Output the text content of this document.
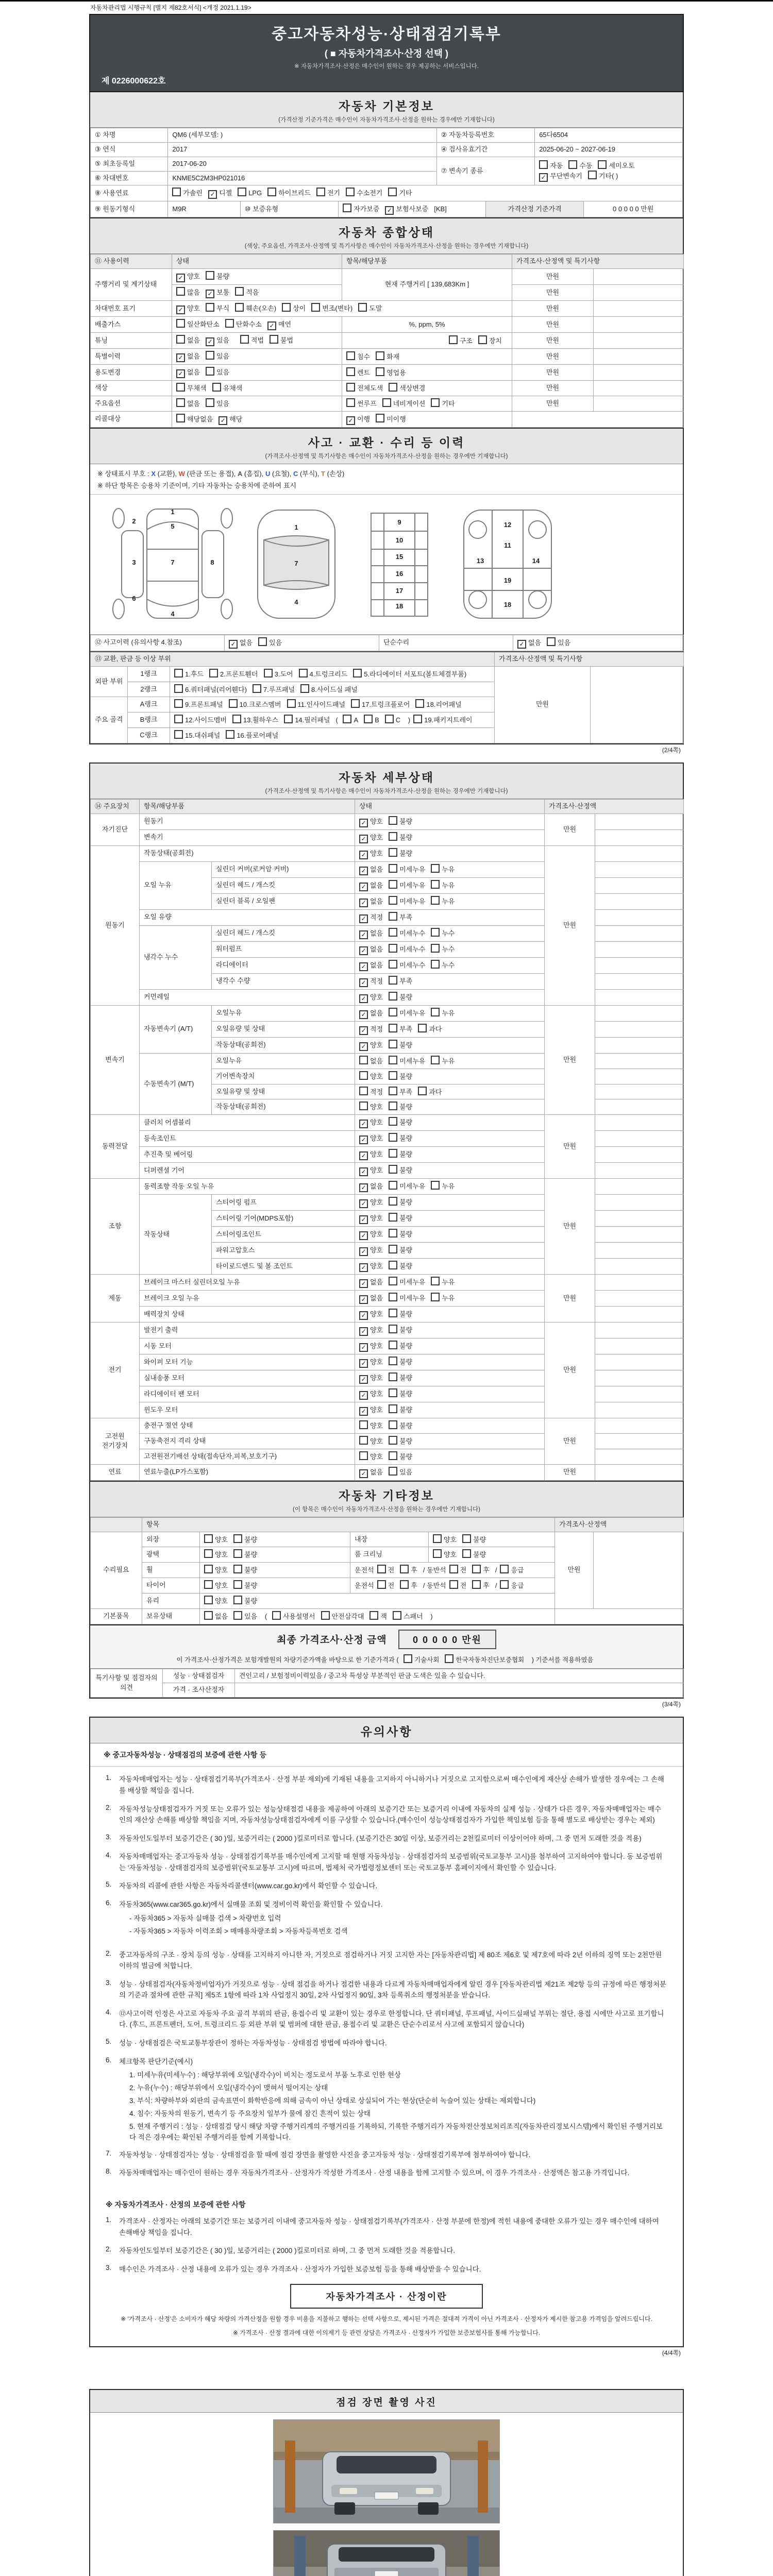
자동차관리법 시행규칙 [별지 제82호서식] <개정 2021.1.19>
중고자동차성능·상태점검기록부
( ■ 자동차가격조사·산정 선택 )
※ 자동차가격조사·산정은 매수인이 원하는 경우 제공하는 서비스입니다.
제 0226000622호
자동차 기본정보
(가격산정 기준가격은 매수인이 자동차가격조사·산정을 원하는 경우에만 기재합니다)
① 차명	QM6 (세부모델: )			② 자동차등록번호		65다6504	
③ 연식	2017			④ 검사유효기간		2025-06-20 ~ 2027-06-19	
⑤ 최초등록일	2017-06-20			⑦ 변속기 종류		자동 수동 세미오토✓ 무단변속기 기타( )	
⑥ 차대번호	KNME5C2M3HP021016						
⑧ 사용연료	가솔린 ✓ 디젤 LPG 하이브리드 전기 수소전기 기타						
⑨ 원동기형식	M9R	⑩ 보증유형	자가보증 ✓ 보험사보증 [KB]		가격산정 기준가격		0 0 0 0 0 만원
자동차 종합상태
(색상, 주요옵션, 가격조사·산정액 및 특기사항은 매수인이 자동차가격조사·산정을 원하는 경우에만 기재합니다)
⑪ 사용이력	상태	항목/해당부품	가격조사·산정액 및 특기사항	
주행거리 및 계기상태	✓ 양호 불량	현재 주행거리 [ 139,683Km ]	만원	
	많음 ✓ 보통 적음		만원	
차대번호 표기	✓ 양호 부식 훼손(오손) 상이 변조(변타) 도말		만원	
배출가스	일산화탄소 탄화수소 ✓ 매연	%, ppm, 5%	만원	
튜닝	없음 ✓ 있음 적법 불법	구조 장치	만원	
특별이력	✓ 없음 있음	침수 화재	만원	
용도변경	✓ 없음 있음	렌트 영업용	만원	
색상	무채색 유채색	전체도색 색상변경	만원	
주요옵션	없음 있음	썬루프 네비게이션 기타	만원	
리콜대상	해당없음 ✓ 해당	✓ 이행 미이행		
사고 · 교환 · 수리 등 이력
(가격조사·산정액 및 특기사항은 매수인이 자동차가격조사·산정을 원하는 경우에만 기재합니다)
※ 상태표시 부호 : X (교환), W (판금 또는 용접), A (흠집), U (요철), C (부식), T (손상)
※ 하단 항목은 승용차 기준이며, 기타 자동차는 승용차에 준하여 표시
1
5
2
3	7	8
6
4
1
7
4
9
10
15
16
17
18
12
13
11
14
19
18
⑫ 사고이력 (유의사항 4.참조)	✓ 없음 있음	단순수리	✓ 없음 있음
⑬ 교환, 판금 등 이상 부위			가격조사·산정액 및 특기사항	
외판 부위	1랭크	1.후드 2.프론트휀더 3.도어 4.트렁크리드 5.라디에이터 서포트(볼트체결부품)	만원	
	2랭크	6.쿼터패널(리어휀다) 7.루프패널 8.사이드실 패널		
주요 골격	A랭크	9.프론트패널 10.크로스멤버 11.인사이드패널 17.트렁크플로어 18.리어패널		
	B랭크	12.사이드멤버 13.휠하우스 14.필러패널 ( A B C ) 19.패키지트레이		
	C랭크	15.대쉬패널 16.플로어패널		
(2/4쪽)
자동차 세부상태
(가격조사·산정액 및 특기사항은 매수인이 자동차가격조사·산정을 원하는 경우에만 기재합니다)
⑭ 주요장치	항목/해당부품		상태	가격조사·산정액	
자기진단	원동기		✓ 양호 불량	만원	
	변속기		✓ 양호 불량		
원동기	작동상태(공회전)		✓ 양호 불량	만원	
	오일 누유	실린더 커버(로커암 커버)	✓ 없음 미세누유 누유		
		실린더 헤드 / 개스킷	✓ 없음 미세누유 누유		
		실린더 블록 / 오일팬	✓ 없음 미세누유 누유		
	오일 유량		✓ 적정 부족		
	냉각수 누수	실린더 헤드 / 개스킷	✓ 없음 미세누수 누수		
		워터펌프	✓ 없음 미세누수 누수		
		라디에이터	✓ 없음 미세누수 누수		
		냉각수 수량	✓ 적정 부족		
	커먼레일		✓ 양호 불량		
변속기	자동변속기 (A/T)	오일누유	✓ 없음 미세누유 누유	만원	
		오일유량 및 상태	✓ 적정 부족 과다		
		작동상태(공회전)	✓ 양호 불량		
	수동변속기 (M/T)	오일누유	없음 미세누유 누유		
		기어변속장치	양호 불량		
		오일유량 및 상태	적정 부족 과다		
		작동상태(공회전)	양호 불량		
동력전달	클러치 어셈블리		✓ 양호 불량	만원	
	등속조인트		✓ 양호 불량		
	추진축 및 베어링		✓ 양호 불량		
	디퍼렌셜 기어		✓ 양호 불량		
조향	동력조향 작동 오일 누유		✓ 없음 미세누유 누유	만원	
	작동상태	스티어링 펌프	✓ 양호 불량		
		스티어링 기어(MDPS포함)	✓ 양호 불량		
		스티어링조인트	✓ 양호 불량		
		파워고압호스	✓ 양호 불량		
		타이로드엔드 및 볼 조인트	✓ 양호 불량		
제동	브레이크 마스터 실린더오일 누유		✓ 없음 미세누유 누유	만원	
	브레이크 오일 누유		✓ 없음 미세누유 누유		
	배력장치 상태		✓ 양호 불량		
전기	발전기 출력		✓ 양호 불량	만원	
	시동 모터		✓ 양호 불량		
	와이퍼 모터 기능		✓ 양호 불량		
	실내송풍 모터		✓ 양호 불량		
	라디에이터 팬 모터		✓ 양호 불량		
	윈도우 모터		✓ 양호 불량		
고전원 전기장치	충전구 절연 상태		양호 불량	만원	
	구동축전지 격리 상태		양호 불량		
	고전원전기배선 상태(접속단자,피복,보호기구)		양호 불량		
연료	연료누출(LP가스포함)		✓ 없음 있음	만원	
자동차 기타정보
(이 항목은 매수인이 자동차가격조사·산정을 원하는 경우에만 기재합니다)
	항목				가격조사·산정액	
수리필요	외장	양호 불량	내장	양호 불량	만원	
	광택	양호 불량	룸 크리닝	양호 불량		
	휠	양호 불량	운전석 전 후 / 동반석 전 후 / 응급			
	타이어	양호 불량	운전석 전 후 / 동반석 전 후 / 응급			
	유리	양호 불량				
기본품목	보유상태	없음 있음 ( 사용설명서 안전삼각대 잭 스패너 )				
최종 가격조사·산정 금액	0 0 0 0 0 만원
이 가격조사·산정가격은 보험개발원의 차량기준가액을 바탕으로 한 기준가격과 ( 기술사회	한국자동차진단보증협회 ) 기준서를 적용하였음
특기사항 및 점검자의 의견	성능 · 상태점검자	견인고리 / 보험정비이력있음 / 중고차 특성상 부분적인 판금 도색은 있을 수 있습니다.
	가격 · 조사산정자	
(3/4쪽)
유의사항
※ 중고자동차성능 · 상태점검의 보증에 관한 사항 등
1.	자동차매매업자는 성능 · 상태점검기록부(가격조사 · 산정 부분 제외)에 기재된 내용을 고지하지 아니하거나 거짓으로 고지함으로써 매수인에게 재산상 손해가 발생한 경우에는 그 손해를 배상할 책임을 집니다.
2.	자동차성능상태점검자가 거짓 또는 오류가 있는 성능상태점검 내용을 제공하여 아래의 보증기간 또는 보증거리 이내에 자동차의 실제 성능 · 상태가 다른 경우, 자동차매매업자는 매수인의 재산상 손해를 배상할 책임을 지며, 자동차성능상태점검자에게 이를 구상할 수 있습니다.(매수인이 성능상태점검자가 가입한 책임보험 등을 통해 별도로 배상받는 경우는 제외)
3.	자동차인도일부터 보증기간은 ( 30 )일, 보증거리는 ( 2000 )킬로미터로 합니다. (보증기간은 30일 이상, 보증거리는 2천킬로미터 이상이어야 하며, 그 중 먼저 도래한 것을 적용)
4.	자동차매매업자는 중고자동차 성능 · 상태점검기록부를 매수인에게 고지할 때 현행 자동차성능 · 상태점검자의 보증범위(국토교통부 고시)를 첨부하여 고지하여야 합니다. 동 보증범위는 '자동차성능 · 상태점검자의 보증범위'(국토교통부 고시)에 따르며, 법제처 국가법령정보센터 또는 국토교통부 홈페이지에서 확인할 수 있습니다.
5.	자동차의 리콜에 관한 사항은 자동차리콜센터(www.car.go.kr)에서 확인할 수 있습니다.
6.	자동차365(www.car365.go.kr)에서 실매물 조회 및 정비이력 확인을 확인할 수 있습니다.
- 자동차365 > 자동차 실매물 검색 > 차량번호 입력
- 자동차365 > 자동차 이력조회 > 매매용차량조회 > 자동차등록번호 검색
2.	중고자동차의 구조 · 장치 등의 성능 · 상태를 고지하지 아니한 자, 거짓으로 점검하거나 거짓 고지한 자는 [자동차관리법] 제 80조 제6호 및 제7호에 따라 2년 이하의 징역 또는 2천만원 이하의 벌금에 처합니다.
3.	성능 · 상태점검자(자동차정비업자)가 거짓으로 성능 · 상태 점검을 하거나 점검한 내용과 다르게 자동차매매업자에게 알린 경우 [자동차관리법 제21조 제2항 등의 규정에 따른 행정처분의 기준과 절차에 관한 규칙] 제5조 1항에 따라 1차 사업정지 30일, 2차 사업정지 90일, 3차 등록취소의 행정처분을 받습니다.
4.	⑫사고이력 인정은 사고로 자동차 주요 골격 부위의 판금, 용접수리 및 교환이 있는 경우로 한정합니다. 단 쿼터패널, 루프패널, 사이드실패널 부위는 절단, 용접 시에만 사고로 표기합니다. (후드, 프론트펜더, 도어, 트렁크리드 등 외판 부위 및 범퍼에 대한 판금, 용접수리 및 교환은 단순수리로서 사고에 포함되지 않습니다)
5.	성능 · 상태점검은 국토교통부장관이 정하는 자동차성능 · 상태점검 방법에 따라야 합니다.
6.	체크항목 판단기준(예시)
1. 미세누유(미세누수) : 해당부위에 오일(냉각수)이 비치는 정도로서 부품 노후로 인한 현상
2. 누유(누수) : 해당부위에서 오일(냉각수)이 맺혀서 떨어지는 상태
3. 부식: 차량하부와 외판의 금속표면이 화학반응에 의해 금속이 아닌 상태로 상실되어 가는 현상(단순히 녹슬어 있는 상태는 제외합니다)
4. 침수: 자동차의 원동기, 변속기 등 주요장치 일부가 물에 잠긴 흔적이 있는 상태
5. 현재 주행거리 : 성능 · 상태점검 당시 해당 차량 주행거리계의 주행거리를 기록하되, 기록한 주행거리가 자동차전산정보처리조직(자동차관리정보시스템)에서 확인된 주행거리보다 적은 경우에는 확인된 주행거리를 함께 기록합니다.
7.	자동차성능 · 상태점검자는 성능 · 상태점검을 할 때에 점검 장면을 촬영한 사진을 중고자동차 성능 · 상태점검기록부에 첨부하여야 합니다.
8.	자동차매매업자는 매수인이 원하는 경우 자동차가격조사 · 산정자가 작성한 가격조사 · 산정 내용을 함께 고지할 수 있으며, 이 경우 가격조사 · 산정액은 참고용 가격입니다.
※ 자동차가격조사 · 산정의 보증에 관한 사항
1.	가격조사 · 산정자는 아래의 보증기간 또는 보증거리 이내에 중고자동차 성능 · 상태점검기록부(가격조사 · 산정 부분에 한정)에 적힌 내용에 중대한 오류가 있는 경우 매수인에 대하여 손해배상 책임을 집니다.
2.	자동차인도일부터 보증기간은 ( 30 )일, 보증거리는 ( 2000 )킬로미터로 하며, 그 중 먼저 도래한 것을 적용합니다.
3.	매수인은 가격조사 · 산정 내용에 오류가 있는 경우 가격조사 · 산정자가 가입한 보증보험 등을 통해 배상받을 수 있습니다.
자동차가격조사 · 산정이란
※ '가격조사 · 산정'은 소비자가 해당 차량의 가격산정을 원할 경우 비용을 지불하고 행하는 선택 사항으로, 제시된 가격은 절대적 가격이 아닌 가격조사 · 산정자가 제시한 참고용 가격임을 알려드립니다.
※ 가격조사 · 산정 결과에 대한 이의제기 등 관련 상담은 가격조사 · 산정자가 가입한 보증보험사를 통해 가능합니다.
(4/4쪽)
점검 장면 촬영 사진
